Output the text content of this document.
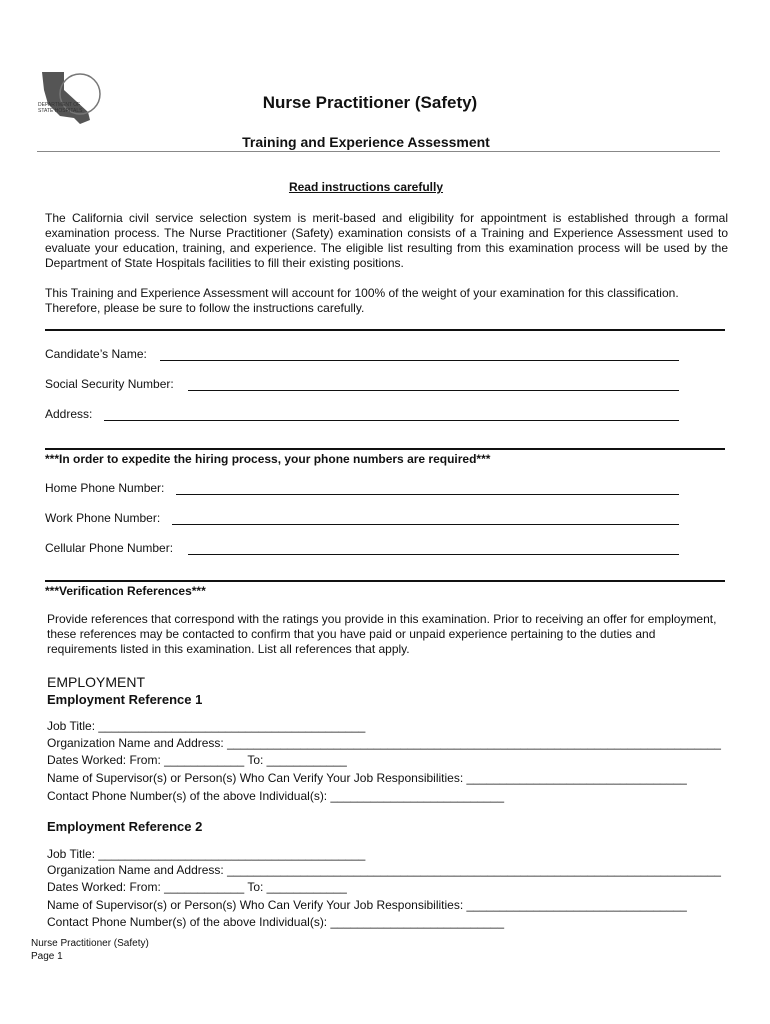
DEPARTMENT OF
STATE HOSPITALS	Nurse Practitioner (Safety)
Training and Experience Assessment
Read instructions carefully
The California civil service selection system is merit-based and eligibility for appointment is established through a formal examination process. The Nurse Practitioner (Safety) examination consists of a Training and Experience Assessment used to evaluate your education, training, and experience. The eligible list resulting from this examination process will be used by the Department of State Hospitals facilities to fill their existing positions.
This Training and Experience Assessment will account for 100% of the weight of your examination for this classification. Therefore, please be sure to follow the instructions carefully.
Candidate’s Name:
Social Security Number:
Address:
***In order to expedite the hiring process, your phone numbers are required***
Home Phone Number:
Work Phone Number:
Cellular Phone Number:
***Verification References***
Provide references that correspond with the ratings you provide in this examination. Prior to receiving an offer for employment, these references may be contacted to confirm that you have paid or unpaid experience pertaining to the duties and requirements listed in this examination. List all references that apply.
EMPLOYMENT
Employment Reference 1
Job Title: ________________________________________
Organization Name and Address: __________________________________________________________________________
Dates Worked: From: ____________ To: ____________
Name of Supervisor(s) or Person(s) Who Can Verify Your Job Responsibilities: _________________________________
Contact Phone Number(s) of the above Individual(s): __________________________
Employment Reference 2
Job Title: ________________________________________
Organization Name and Address: __________________________________________________________________________
Dates Worked: From: ____________ To: ____________
Name of Supervisor(s) or Person(s) Who Can Verify Your Job Responsibilities: _________________________________
Contact Phone Number(s) of the above Individual(s): __________________________
Nurse Practitioner (Safety)
Page 1
